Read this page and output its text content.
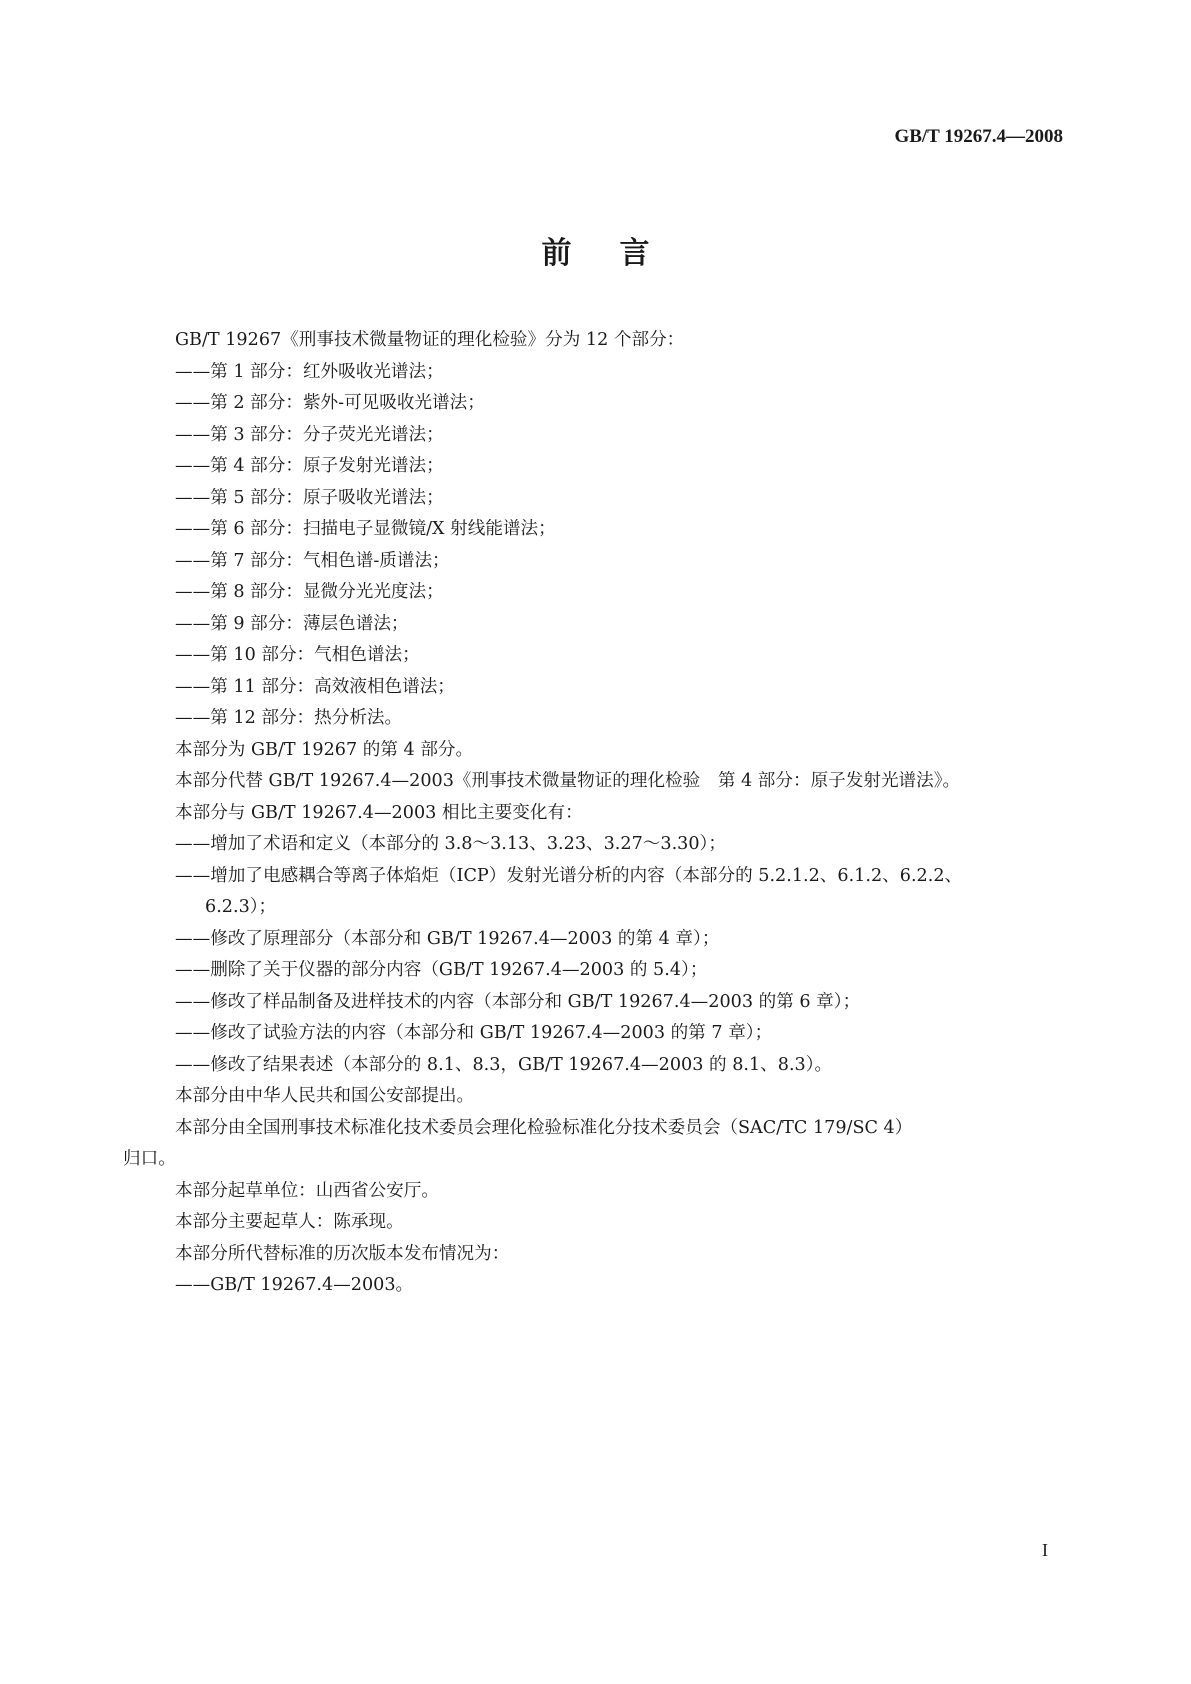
GB/T 19267.4—2008
前言
GB/T 19267《刑事技术微量物证的理化检验》分为 12 个部分：
——第 1 部分：红外吸收光谱法；
——第 2 部分：紫外-可见吸收光谱法；
——第 3 部分：分子荧光光谱法；
——第 4 部分：原子发射光谱法；
——第 5 部分：原子吸收光谱法；
——第 6 部分：扫描电子显微镜/X 射线能谱法；
——第 7 部分：气相色谱-质谱法；
——第 8 部分：显微分光光度法；
——第 9 部分：薄层色谱法；
——第 10 部分：气相色谱法；
——第 11 部分：高效液相色谱法；
——第 12 部分：热分析法。
本部分为 GB/T 19267 的第 4 部分。
本部分代替 GB/T 19267.4—2003《刑事技术微量物证的理化检验　第 4 部分：原子发射光谱法》。
本部分与 GB/T 19267.4—2003 相比主要变化有：
——增加了术语和定义（本部分的 3.8～3.13、3.23、3.27～3.30）；
——增加了电感耦合等离子体焰炬（ICP）发射光谱分析的内容（本部分的 5.2.1.2、6.1.2、6.2.2、
6.2.3）；
——修改了原理部分（本部分和 GB/T 19267.4—2003 的第 4 章）；
——删除了关于仪器的部分内容（GB/T 19267.4—2003 的 5.4）；
——修改了样品制备及进样技术的内容（本部分和 GB/T 19267.4—2003 的第 6 章）；
——修改了试验方法的内容（本部分和 GB/T 19267.4—2003 的第 7 章）；
——修改了结果表述（本部分的 8.1、8.3，GB/T 19267.4—2003 的 8.1、8.3）。
本部分由中华人民共和国公安部提出。
本部分由全国刑事技术标准化技术委员会理化检验标准化分技术委员会（SAC/TC 179/SC 4）
归口。
本部分起草单位：山西省公安厅。
本部分主要起草人：陈承现。
本部分所代替标准的历次版本发布情况为：
——GB/T 19267.4—2003。
I
